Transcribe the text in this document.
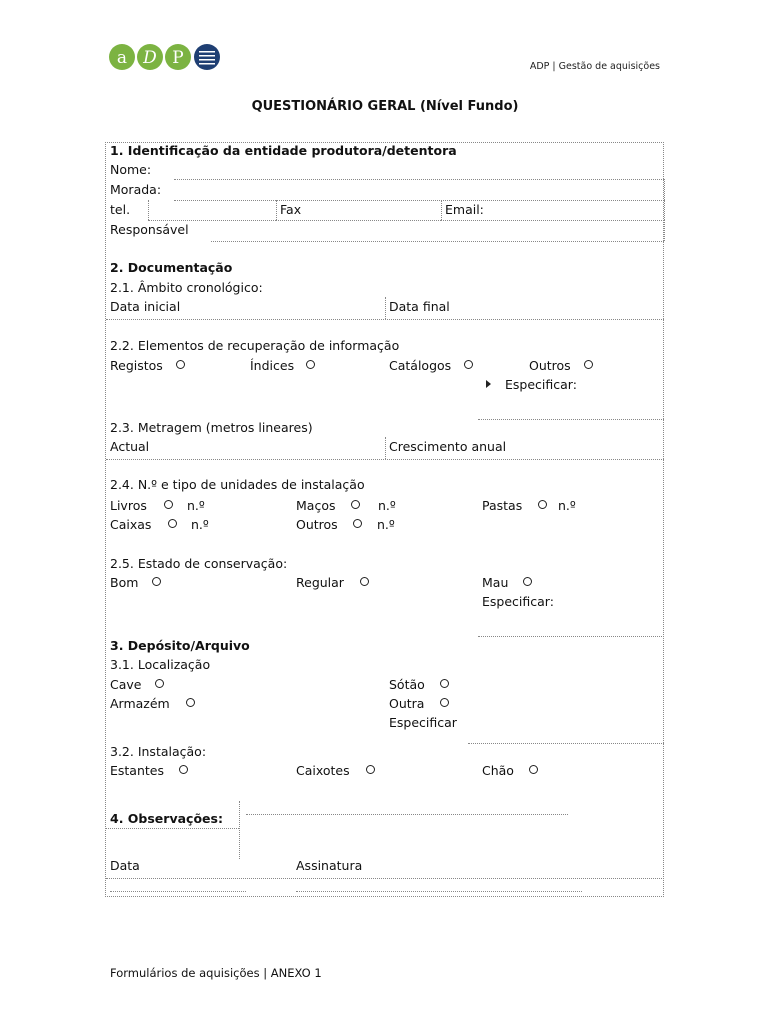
a D P	ADP | Gestão de aquisições
QUESTIONÁRIO GERAL (Nível Fundo)
1. Identificação da entidade produtora/detentora
Nome:
Morada:
tel.	Fax	Email:
Responsável
2. Documentação
2.1. Âmbito cronológico:
Data inicial	Data final
2.2. Elementos de recuperação de informação
Registos	Índices	Catálogos	Outros
Especificar:
2.3. Metragem (metros lineares)
Actual	Crescimento anual
2.4. N.º e tipo de unidades de instalação
Livros	n.º	Maços	n.º	Pastas	n.º
Caixas	n.º	Outros	n.º
2.5. Estado de conservação:
Bom	Regular	Mau
Especificar:
3. Depósito/Arquivo
3.1. Localização
Cave	Sótão
Armazém	Outra
Especificar
3.2. Instalação:
Estantes	Caixotes	Chão
4. Observações:
Data	Assinatura
Formulários de aquisições | ANEXO 1
